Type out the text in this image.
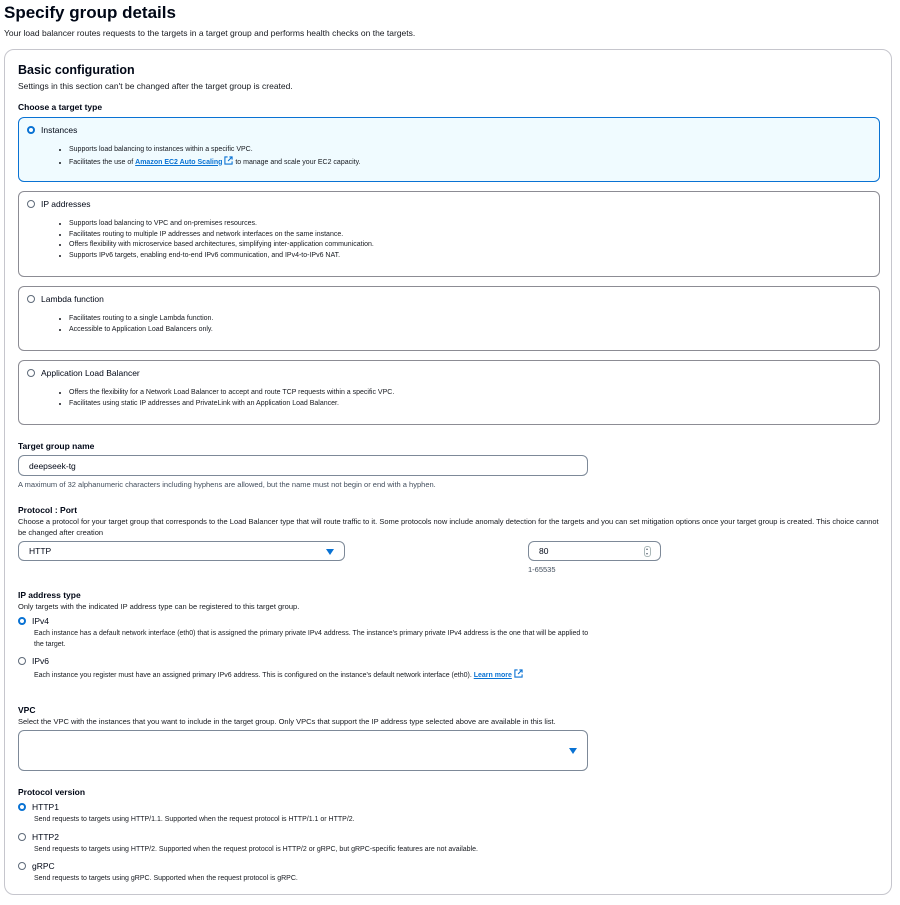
Specify group details
Your load balancer routes requests to the targets in a target group and performs health checks on the targets.
Basic configuration
Settings in this section can't be changed after the target group is created.
Choose a target type
Instances
• Supports load balancing to instances within a specific VPC.
• Facilitates the use of Amazon EC2 Auto Scaling to manage and scale your EC2 capacity.
IP addresses
• Supports load balancing to VPC and on-premises resources.
• Facilitates routing to multiple IP addresses and network interfaces on the same instance.
• Offers flexibility with microservice based architectures, simplifying inter-application communication.
• Supports IPv6 targets, enabling end-to-end IPv6 communication, and IPv4-to-IPv6 NAT.
Lambda function
• Facilitates routing to a single Lambda function.
• Accessible to Application Load Balancers only.
Application Load Balancer
• Offers the flexibility for a Network Load Balancer to accept and route TCP requests within a specific VPC.
• Facilitates using static IP addresses and PrivateLink with an Application Load Balancer.
Target group name
deepseek-tg
A maximum of 32 alphanumeric characters including hyphens are allowed, but the name must not begin or end with a hyphen.
Protocol : Port
Choose a protocol for your target group that corresponds to the Load Balancer type that will route traffic to it. Some protocols now include anomaly detection for the targets and you can set mitigation options once your target group is created. This choice cannot be changed after creation
HTTP	80
1-65535
IP address type
Only targets with the indicated IP address type can be registered to this target group.
IPv4
Each instance has a default network interface (eth0) that is assigned the primary private IPv4 address. The instance's primary private IPv4 address is the one that will be applied to the target.
IPv6
Each instance you register must have an assigned primary IPv6 address. This is configured on the instance's default network interface (eth0). Learn more
VPC
Select the VPC with the instances that you want to include in the target group. Only VPCs that support the IP address type selected above are available in this list.
Protocol version
HTTP1
Send requests to targets using HTTP/1.1. Supported when the request protocol is HTTP/1.1 or HTTP/2.
HTTP2
Send requests to targets using HTTP/2. Supported when the request protocol is HTTP/2 or gRPC, but gRPC-specific features are not available.
gRPC
Send requests to targets using gRPC. Supported when the request protocol is gRPC.
